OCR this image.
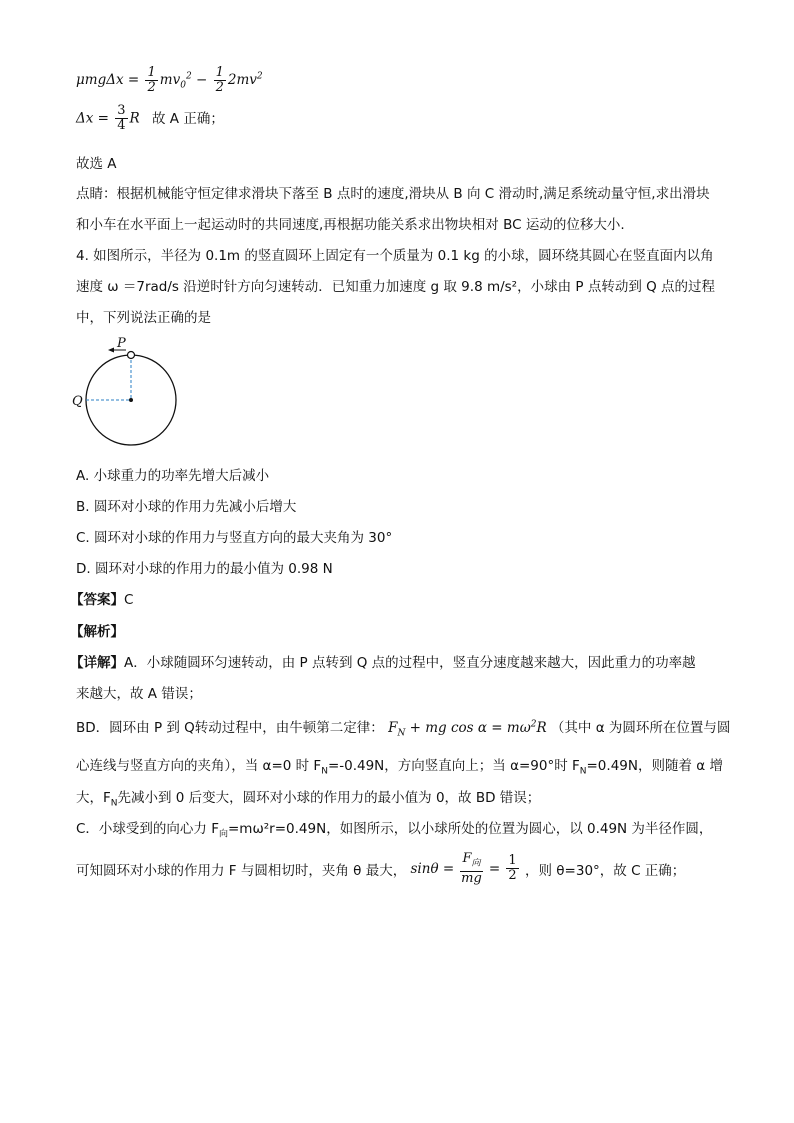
$\mu mg\Delta x = \frac{1}{2} mv_0^2 - \frac{1}{2} 2mv^2$
$\Delta x = \frac{3}{4}$ R 故 A 正确；
故选 A
点睛：根据机械能守恒定律求滑块下落至 B 点时的速度,滑块从 B 向 C 滑动时,满足系统动量守恒,求出滑块
和小车在水平面上一起运动时的共同速度,再根据功能关系求出物块相对 BC 运动的位移大小.
4. 如图所示，半径为 0.1m 的竖直圆环上固定有一个质量为 0.1 kg 的小球，圆环绕其圆心在竖直面内以角
速度 ω ＝7rad/s 沿逆时针方向匀速转动．已知重力加速度 g 取 9.8 m/s²，小球由 P 点转动到 Q 点的过程
中，下列说法正确的是
P
Q
A. 小球重力的功率先增大后减小
B. 圆环对小球的作用力先减小后增大
C. 圆环对小球的作用力与竖直方向的最大夹角为 30°
D. 圆环对小球的作用力的最小值为 0.98 N
【答案】C
【解析】
【详解】A．小球随圆环匀速转动，由 P 点转到 Q 点的过程中，竖直分速度越来越大，因此重力的功率越
来越大，故 A 错误；
BD．圆环由 P 到 Q转动过程中，由牛顿第二定律： $F_N$ + mg $\cos \alpha = m\omega^2R$ （其中 α 为圆环所在位置与圆
心连线与竖直方向的夹角），当 α=0 时 $F_N=-0.49N$，方向竖直向上；当 α=90°时 $F_N=0.49N$，则随着 α 增
大，$F_N$先减小到 0 后变大，圆环对小球的作用力的最小值为 0，故 BD 错误；
C．小球受到的向心力 $F_向=m\omega^2r=0.49N$，如图所示，以小球所处的位置为圆心，以 0.49N 为半径作圆，
可知圆环对小球的作用力 F 与圆相切时，夹角 θ 最大， $\sin\theta = \frac{F_向}{mg} = \frac{1}{2}$ ，则 θ=30°，故 C 正确；
